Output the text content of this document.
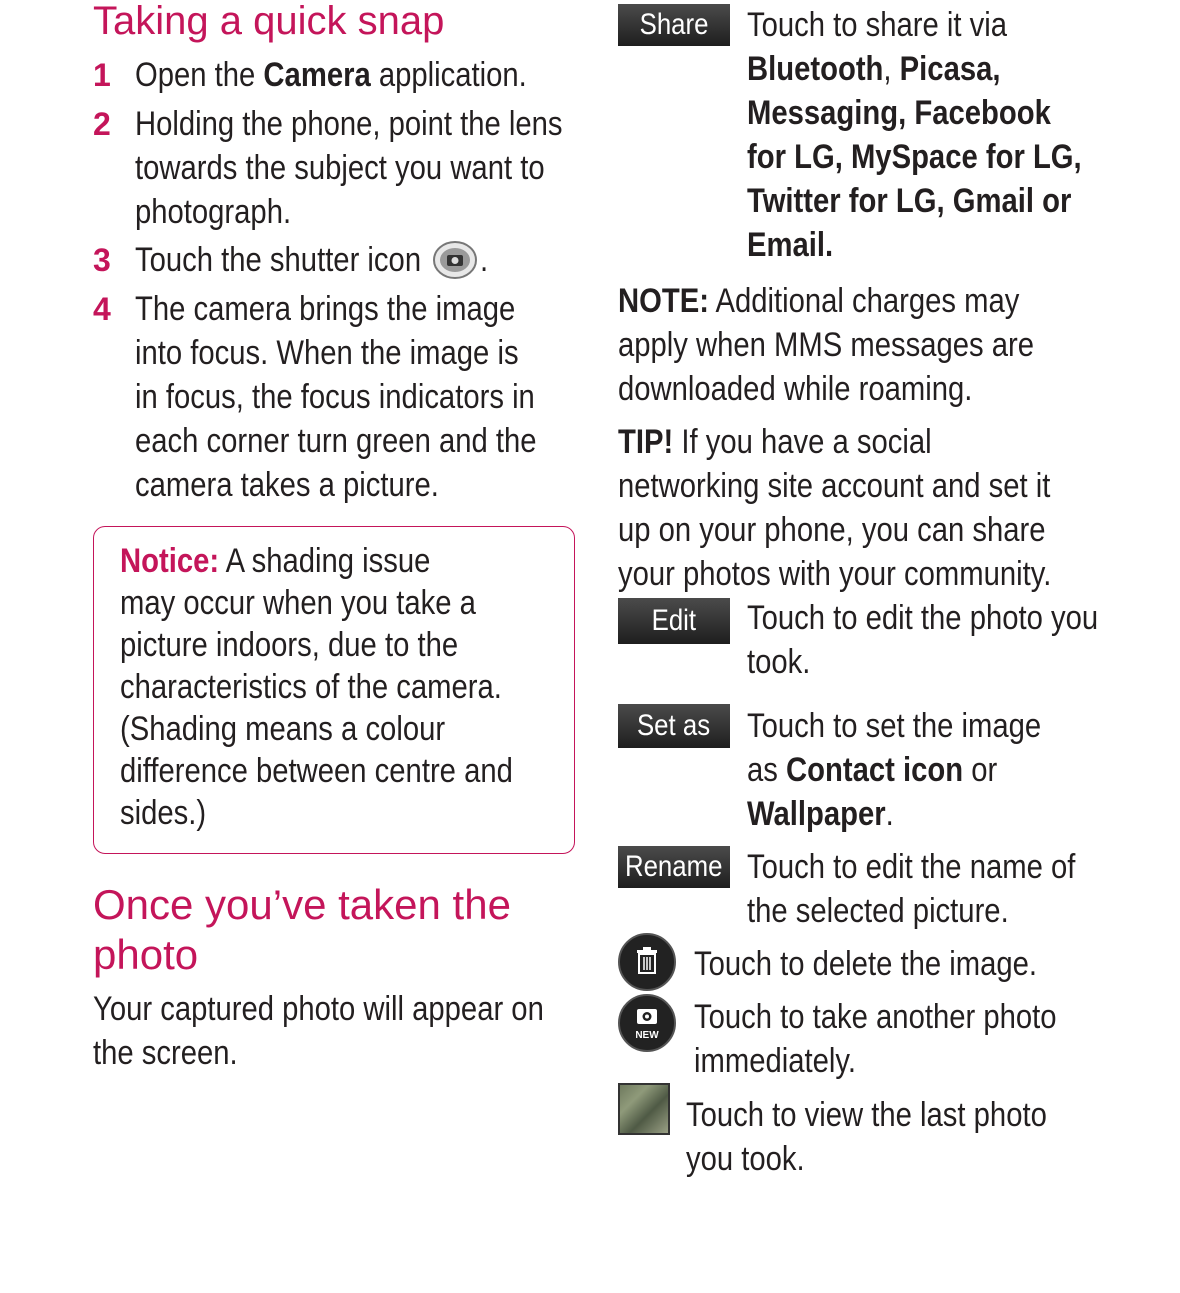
Taking a quick snap
1 Open the Camera application.
2 Holding the phone, point the lens
towards the subject you want to
photograph.
3 Touch the shutter icon .
4 The camera brings the image
into focus. When the image is
in focus, the focus indicators in
each corner turn green and the
camera takes a picture.
Notice: A shading issue
may occur when you take a
picture indoors, due to the
characteristics of the camera.
(Shading means a colour
difference between centre and
sides.)
Once you’ve taken the
photo
Your captured photo will appear on
the screen.
Share Touch to share it via
Bluetooth, Picasa,
Messaging, Facebook
for LG, MySpace for LG,
Twitter for LG, Gmail or
Email.
NOTE: Additional charges may
apply when MMS messages are
downloaded while roaming.
TIP! If you have a social
networking site account and set it
up on your phone, you can share
your photos with your community.
Edit Touch to edit the photo you
took.
Set as Touch to set the image
as Contact icon or
Wallpaper.
Rename Touch to edit the name of
the selected picture.
Touch to delete the image.
NEW	Touch to take another photo
immediately.
Touch to view the last photo
you took.
